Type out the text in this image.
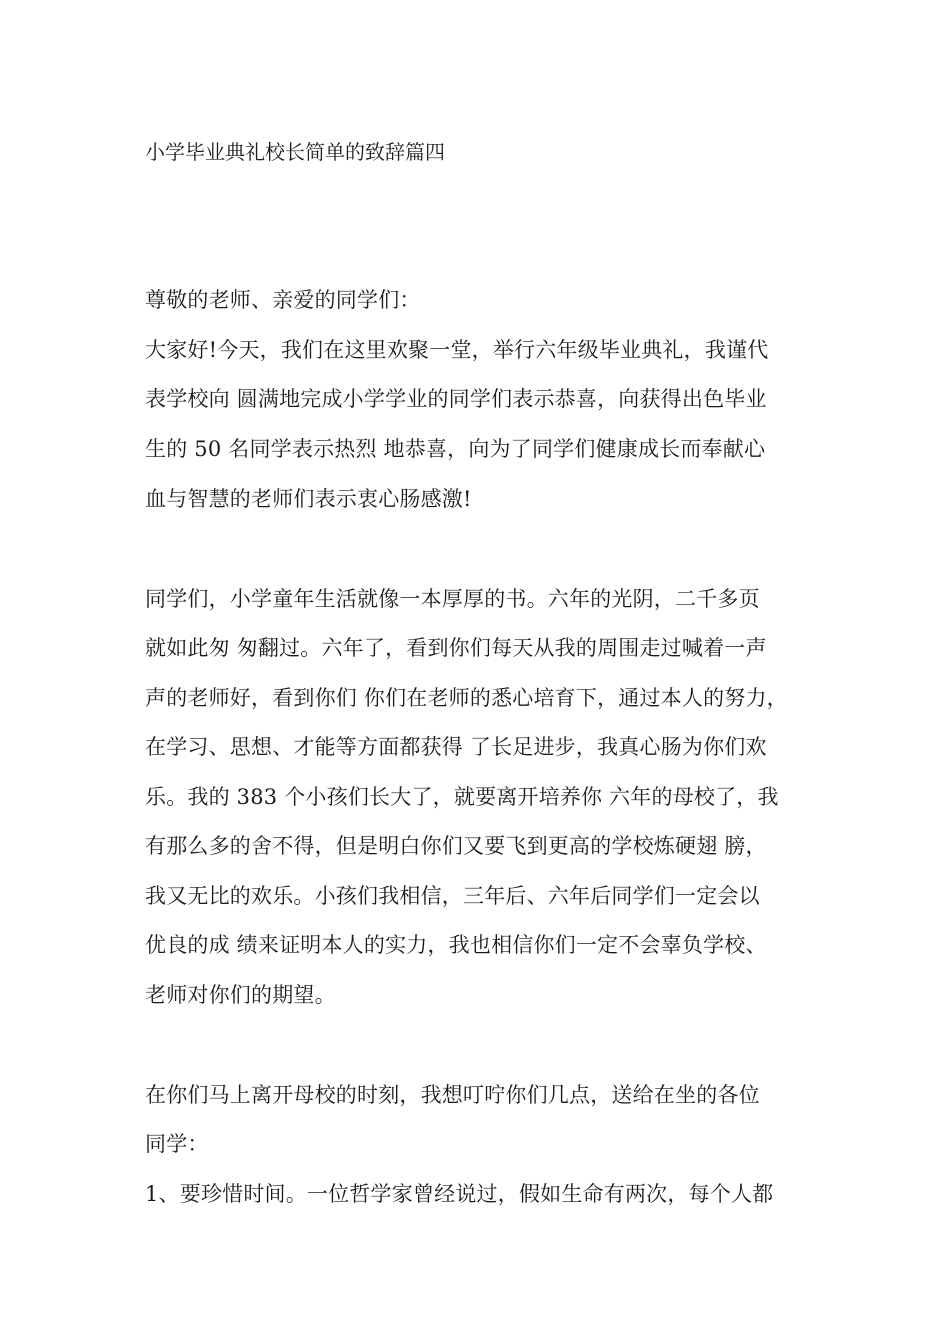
小学毕业典礼校长简单的致辞篇四
尊敬的老师、亲爱的同学们：
大家好!今天，我们在这里欢聚一堂，举行六年级毕业典礼，我谨代
表学校向 圆满地完成小学学业的同学们表示恭喜，向获得出色毕业
生的 50 名同学表示热烈 地恭喜，向为了同学们健康成长而奉献心
血与智慧的老师们表示衷心肠感激!
同学们，小学童年生活就像一本厚厚的书。六年的光阴，二千多页
就如此匆 匆翻过。六年了，看到你们每天从我的周围走过喊着一声
声的老师好，看到你们 你们在老师的悉心培育下，通过本人的努力，
在学习、思想、才能等方面都获得 了长足进步，我真心肠为你们欢
乐。我的 383 个小孩们长大了，就要离开培养你 六年的母校了，我
有那么多的舍不得，但是明白你们又要飞到更高的学校炼硬翅 膀，
我又无比的欢乐。小孩们我相信，三年后、六年后同学们一定会以
优良的成 绩来证明本人的实力，我也相信你们一定不会辜负学校、
老师对你们的期望。
在你们马上离开母校的时刻，我想叮咛你们几点，送给在坐的各位
同学：
1、要珍惜时间。一位哲学家曾经说过，假如生命有两次，每个人都
